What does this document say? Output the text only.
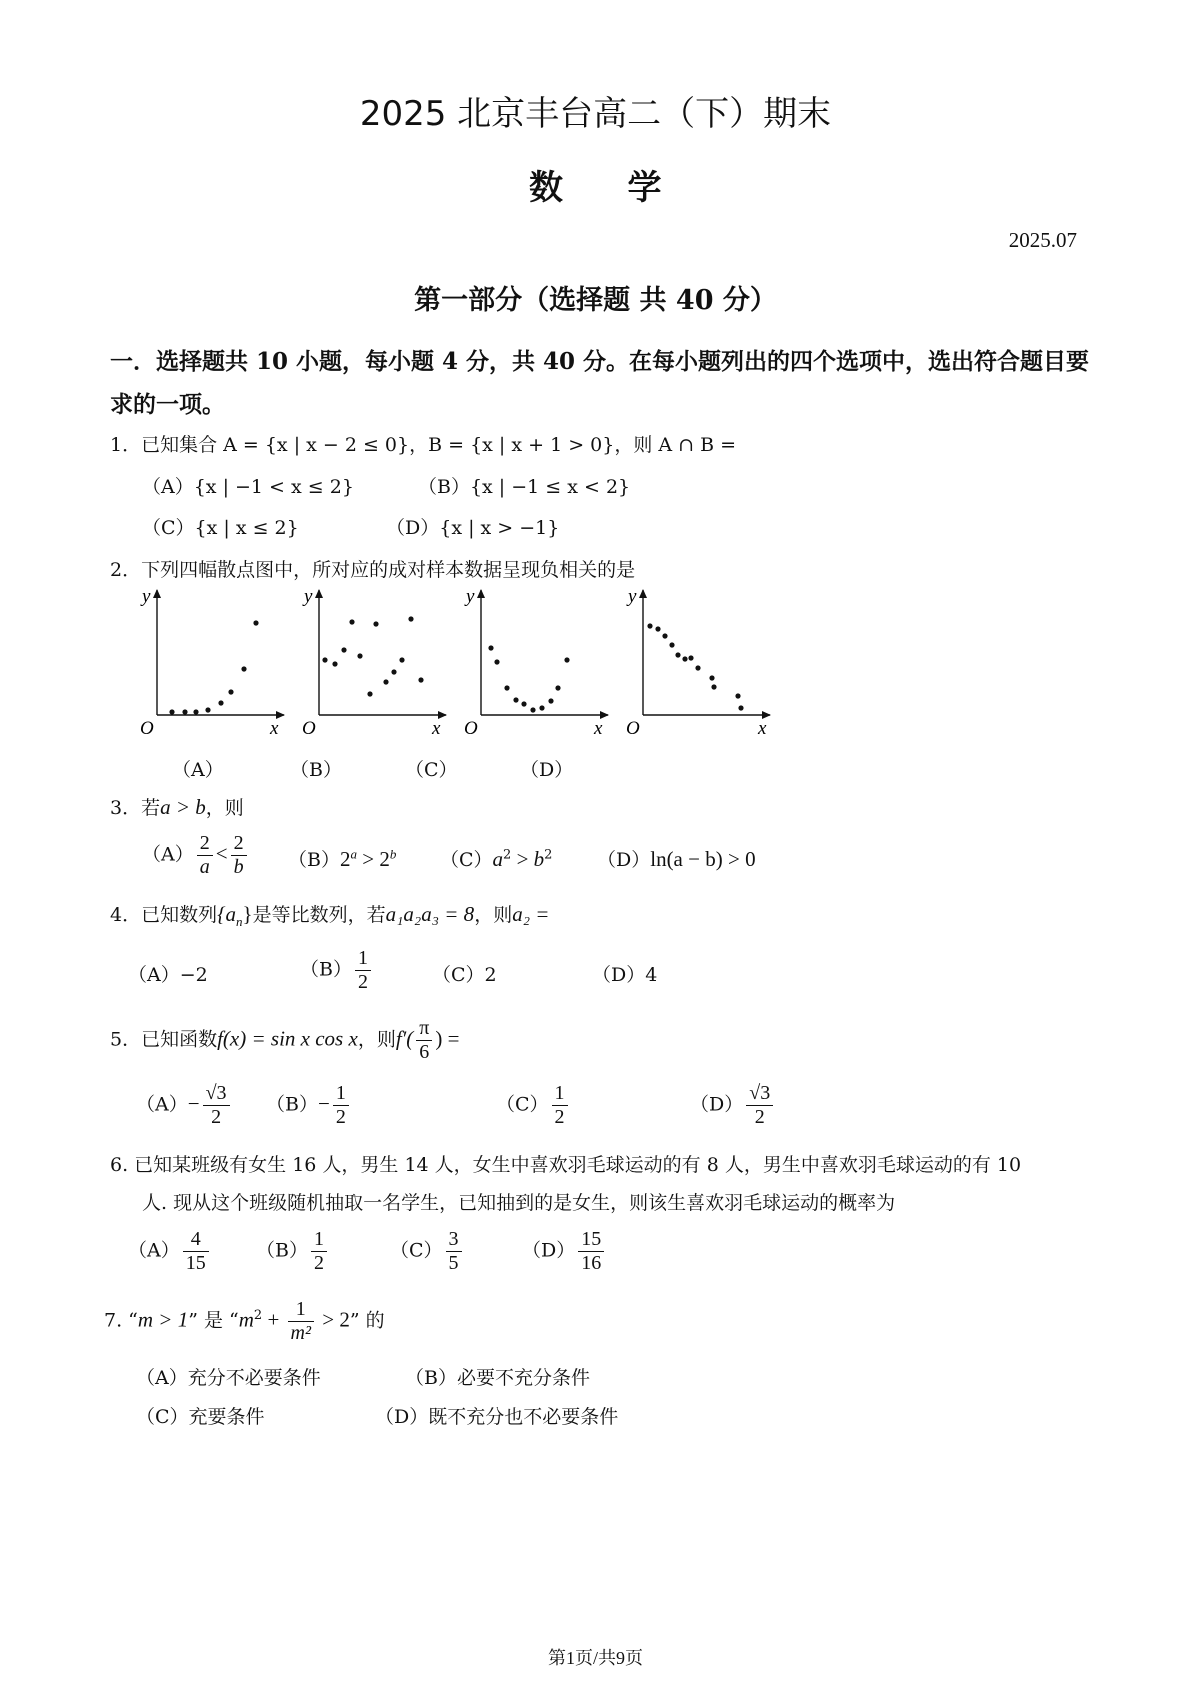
2025 北京丰台高二（下）期末
数 学
2025.07
第一部分（选择题 共 40 分）
一．选择题共 10 小题，每小题 4 分，共 40 分。在每小题列出的四个选项中，选出符合题目要
求的一项。
1．已知集合 A = {x | x − 2 ≤ 0}，B = {x | x + 1 > 0}，则 A ∩ B =
（A）{x | −1 < x ≤ 2}	（B）{x | −1 ≤ x < 2}
（C）{x | x ≤ 2}	（D）{x | x > −1}
2．下列四幅散点图中，所对应的成对样本数据呈现负相关的是
y
x
O
y
x
O
y
x
O
y
x
O
（A）	（B）	（C）	（D）
3．若a > b，则
$(A) \frac{2}{a} < \frac{2}{b} (B)2^a > 2^b$ $(C)a^2 > b^2$ （D）ln(a − b) > 0
4．已知数列$\{a_n\}$是等比数列，若a₁a₂a₃ = 8，则a₂ =
（A）−2	$(B) \frac{1}{2}$	（C）2	（D）4
5．已知函数f(x) = sin x cos x，则$f'( \frac{\pi}{6}$ ) =
$(A)- \frac{√3}{2} (B)- \frac{1}{2}$	$(C) \frac{1}{2}$	$(D) \frac{√3}{2}$
6. 已知某班级有女生 16 人，男生 14 人，女生中喜欢羽毛球运动的有 8 人，男生中喜欢羽毛球运动的有 10
人. 现从这个班级随机抽取一名学生，已知抽到的是女生，则该生喜欢羽毛球运动的概率为
$(A) \frac{4}{15} (B) \frac{1}{2}$	$(C) \frac{3}{5}$	$(D) \frac{15}{16}$
7. “m > 1” 是 “$m^2 + \frac{1}{\text{m²}} > 2$” 的
（A）充分不必要条件	（B）必要不充分条件
（C）充要条件	（D）既不充分也不必要条件
第1页/共9页
